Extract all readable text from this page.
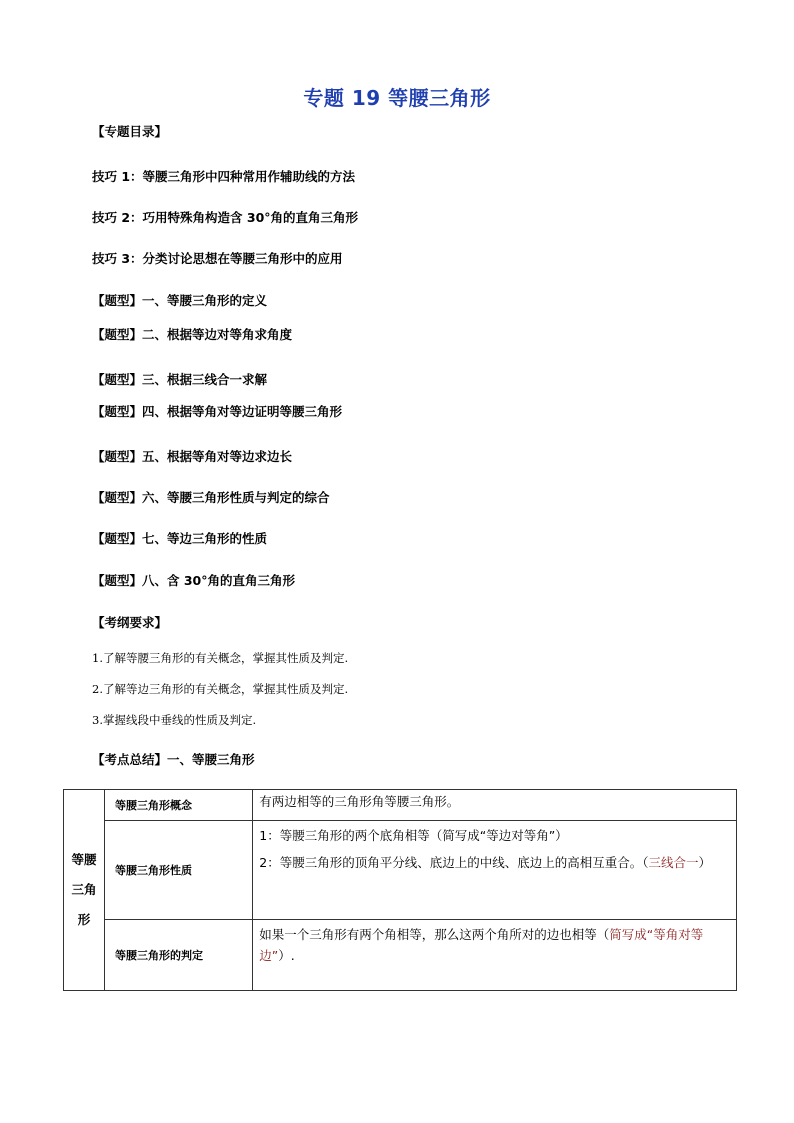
专题 19 等腰三角形
【专题目录】
技巧 1：等腰三角形中四种常用作辅助线的方法
技巧 2：巧用特殊角构造含 30°角的直角三角形
技巧 3：分类讨论思想在等腰三角形中的应用
【题型】一、等腰三角形的定义
【题型】二、根据等边对等角求角度
【题型】三、根据三线合一求解
【题型】四、根据等角对等边证明等腰三角形
【题型】五、根据等角对等边求边长
【题型】六、等腰三角形性质与判定的综合
【题型】七、等边三角形的性质
【题型】八、含 30°角的直角三角形
【考纲要求】
1.了解等腰三角形的有关概念，掌握其性质及判定.
2.了解等边三角形的有关概念，掌握其性质及判定.
3.掌握线段中垂线的性质及判定.
【考点总结】一、等腰三角形
等腰
三角
形	等腰三角形概念	有两边相等的三角形角等腰三角形。
	等腰三角形性质	1：等腰三角形的两个底角相等（简写成“等边对等角”）
2：等腰三角形的顶角平分线、底边上的中线、底边上的高相互重合。（三线合一）

	等腰三角形的判定	如果一个三角形有两个角相等，那么这两个角所对的边也相等（简写成“等角对等边”）.
